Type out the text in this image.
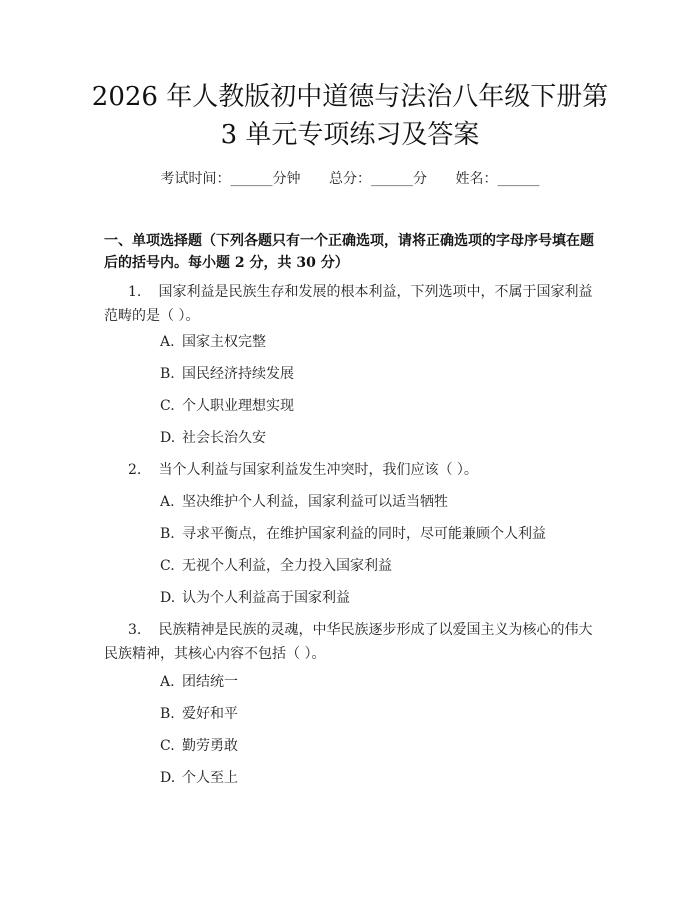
2026 年人教版初中道德与法治八年级下册第
3 单元专项练习及答案
考试时间：______分钟 总分：______分 姓名：______
一、单项选择题（下列各题只有一个正确选项，请将正确选项的字母序号填在题后的括号内。每小题 2 分，共 30 分）
1. 国家利益是民族生存和发展的根本利益，下列选项中，不属于国家利益范畴的是（ ）。
A. 国家主权完整
B. 国民经济持续发展
C. 个人职业理想实现
D. 社会长治久安
2. 当个人利益与国家利益发生冲突时，我们应该（ ）。
A. 坚决维护个人利益，国家利益可以适当牺牲
B. 寻求平衡点，在维护国家利益的同时，尽可能兼顾个人利益
C. 无视个人利益，全力投入国家利益
D. 认为个人利益高于国家利益
3. 民族精神是民族的灵魂，中华民族逐步形成了以爱国主义为核心的伟大民族精神，其核心内容不包括（ ）。
A. 团结统一
B. 爱好和平
C. 勤劳勇敢
D. 个人至上
